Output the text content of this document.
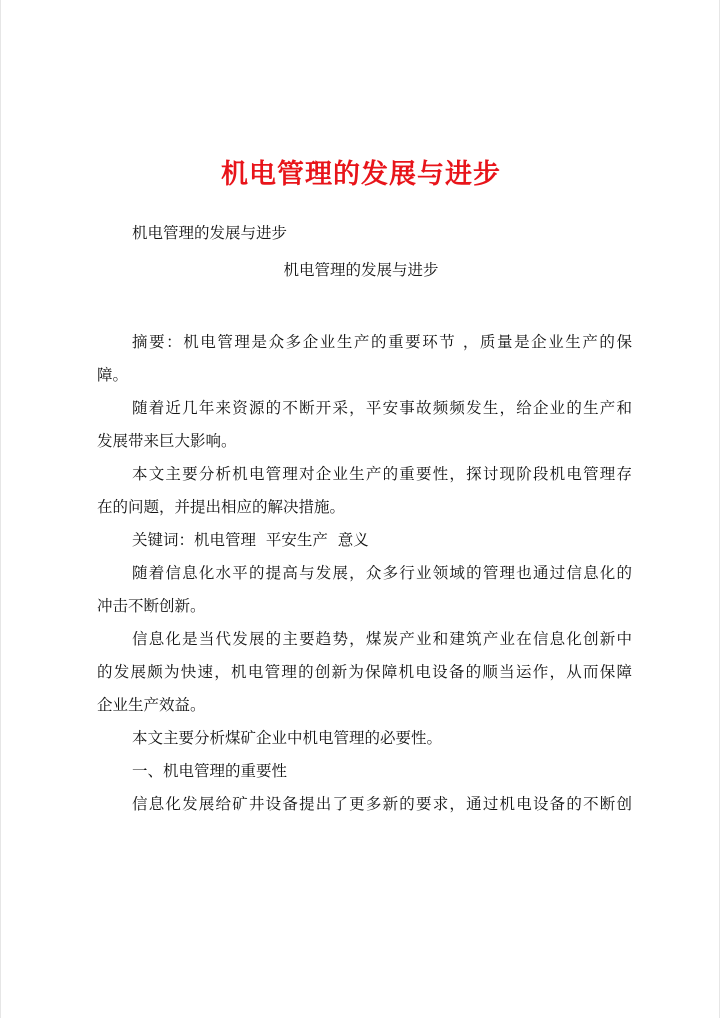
机电管理的发展与进步
机电管理的发展与进步
机电管理的发展与进步
摘要：机电管理是众多企业生产的重要环节 ，质量是企业生产的保
障。
随着近几年来资源的不断开采，平安事故频频发生，给企业的生产和
发展带来巨大影响。
本文主要分析机电管理对企业生产的重要性，探讨现阶段机电管理存
在的问题，并提出相应的解决措施。
关键词：机电管理  平安生产  意义
随着信息化水平的提高与发展，众多行业领域的管理也通过信息化的
冲击不断创新。
信息化是当代发展的主要趋势，煤炭产业和建筑产业在信息化创新中
的发展颇为快速，机电管理的创新为保障机电设备的顺当运作，从而保障
企业生产效益。
本文主要分析煤矿企业中机电管理的必要性。
一、机电管理的重要性
信息化发展给矿井设备提出了更多新的要求，通过机电设备的不断创
